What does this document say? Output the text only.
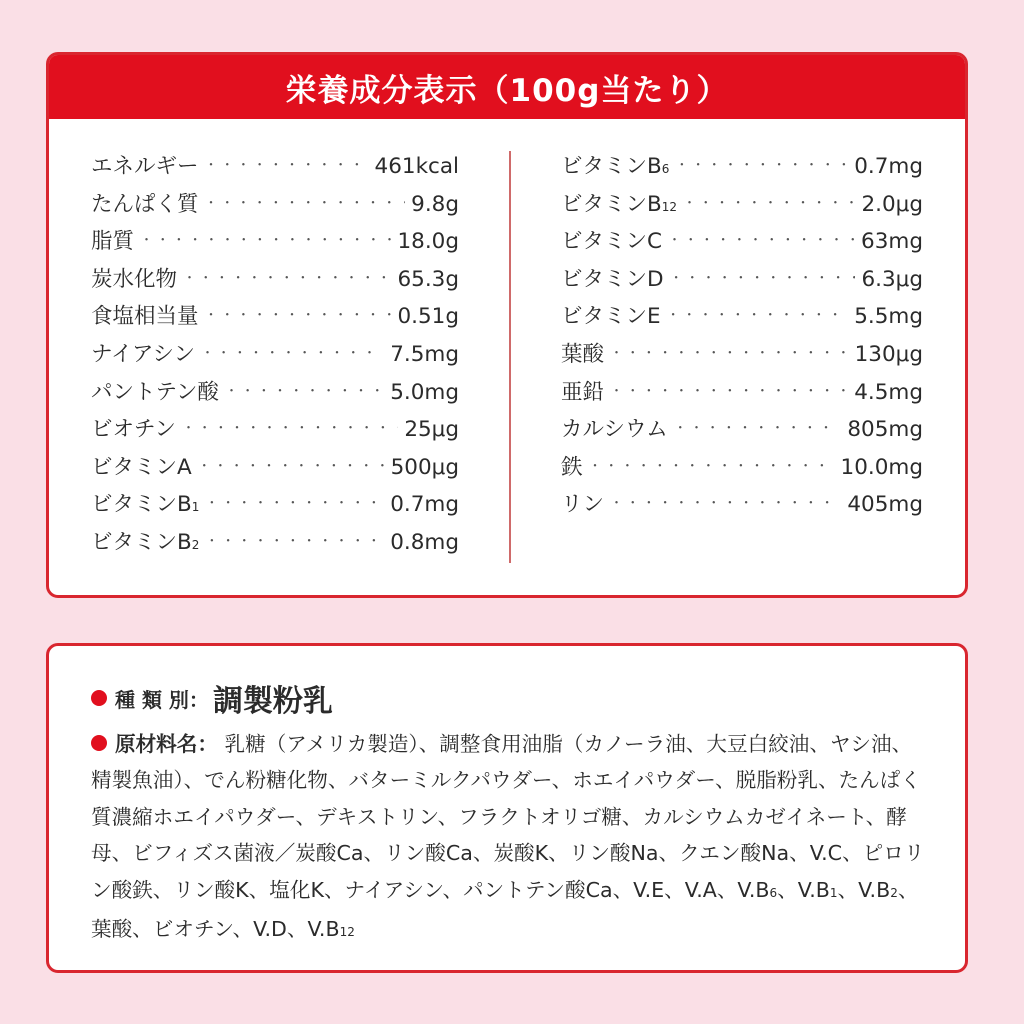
栄養成分表示（100g当たり）
エネルギー ・・・・・・・・・・・・・・・・・・・・・・・・・・・・・・・・・	461kcal
たんぱく質 ・・・・・・・・・・・・・・・・・・・・・・・・・・・・・・・・・	9.8g
脂質 ・・・・・・・・・・・・・・・・・・・・・・・・・・・・・・・・・	18.0g
炭水化物 ・・・・・・・・・・・・・・・・・・・・・・・・・・・・・・・・・	65.3g
食塩相当量 ・・・・・・・・・・・・・・・・・・・・・・・・・・・・・・・・・	0.51g
ナイアシン ・・・・・・・・・・・・・・・・・・・・・・・・・・・・・・・・・	7.5mg
パントテン酸 ・・・・・・・・・・・・・・・・・・・・・・・・・・・・・・・・・	5.0mg
ビオチン ・・・・・・・・・・・・・・・・・・・・・・・・・・・・・・・・・	25μg
ビタミンA ・・・・・・・・・・・・・・・・・・・・・・・・・・・・・・・・・	500μg
ビタミンB1 ・・・・・・・・・・・・・・・・・・・・・・・・・・・・・・・・・	0.7mg
ビタミンB2 ・・・・・・・・・・・・・・・・・・・・・・・・・・・・・・・・・	0.8mg
ビタミンB6 ・・・・・・・・・・・・・・・・・・・・・・・・・・・・・・・・・	0.7mg
ビタミンB12 ・・・・・・・・・・・・・・・・・・・・・・・・・・・・・・・・・	2.0μg
ビタミンC ・・・・・・・・・・・・・・・・・・・・・・・・・・・・・・・・・	63mg
ビタミンD ・・・・・・・・・・・・・・・・・・・・・・・・・・・・・・・・・	6.3μg
ビタミンE ・・・・・・・・・・・・・・・・・・・・・・・・・・・・・・・・・	5.5mg
葉酸 ・・・・・・・・・・・・・・・・・・・・・・・・・・・・・・・・・	130μg
亜鉛 ・・・・・・・・・・・・・・・・・・・・・・・・・・・・・・・・・	4.5mg
カルシウム ・・・・・・・・・・・・・・・・・・・・・・・・・・・・・・・・・	805mg
鉄 ・・・・・・・・・・・・・・・・・・・・・・・・・・・・・・・・・	10.0mg
リン ・・・・・・・・・・・・・・・・・・・・・・・・・・・・・・・・・	405mg
種 類 別： 調製粉乳

原材料名： 乳糖（アメリカ製造）、調整食用油脂（カノーラ油、大豆白絞油、ヤシ油、精製魚油）、でん粉糖化物、バターミルクパウダー、ホエイパウダー、脱脂粉乳、たんぱく質濃縮ホエイパウダー、デキストリン、フラクトオリゴ糖、カルシウムカゼイネート、酵母、ビフィズス菌液／炭酸Ca、リン酸Ca、炭酸K、リン酸Na、クエン酸Na、V.C、ピロリン酸鉄、リン酸K、塩化K、ナイアシン、パントテン酸Ca、V.E、V.A、V.B6、V.B1、V.B2、葉酸、ビオチン、V.D、V.B12
